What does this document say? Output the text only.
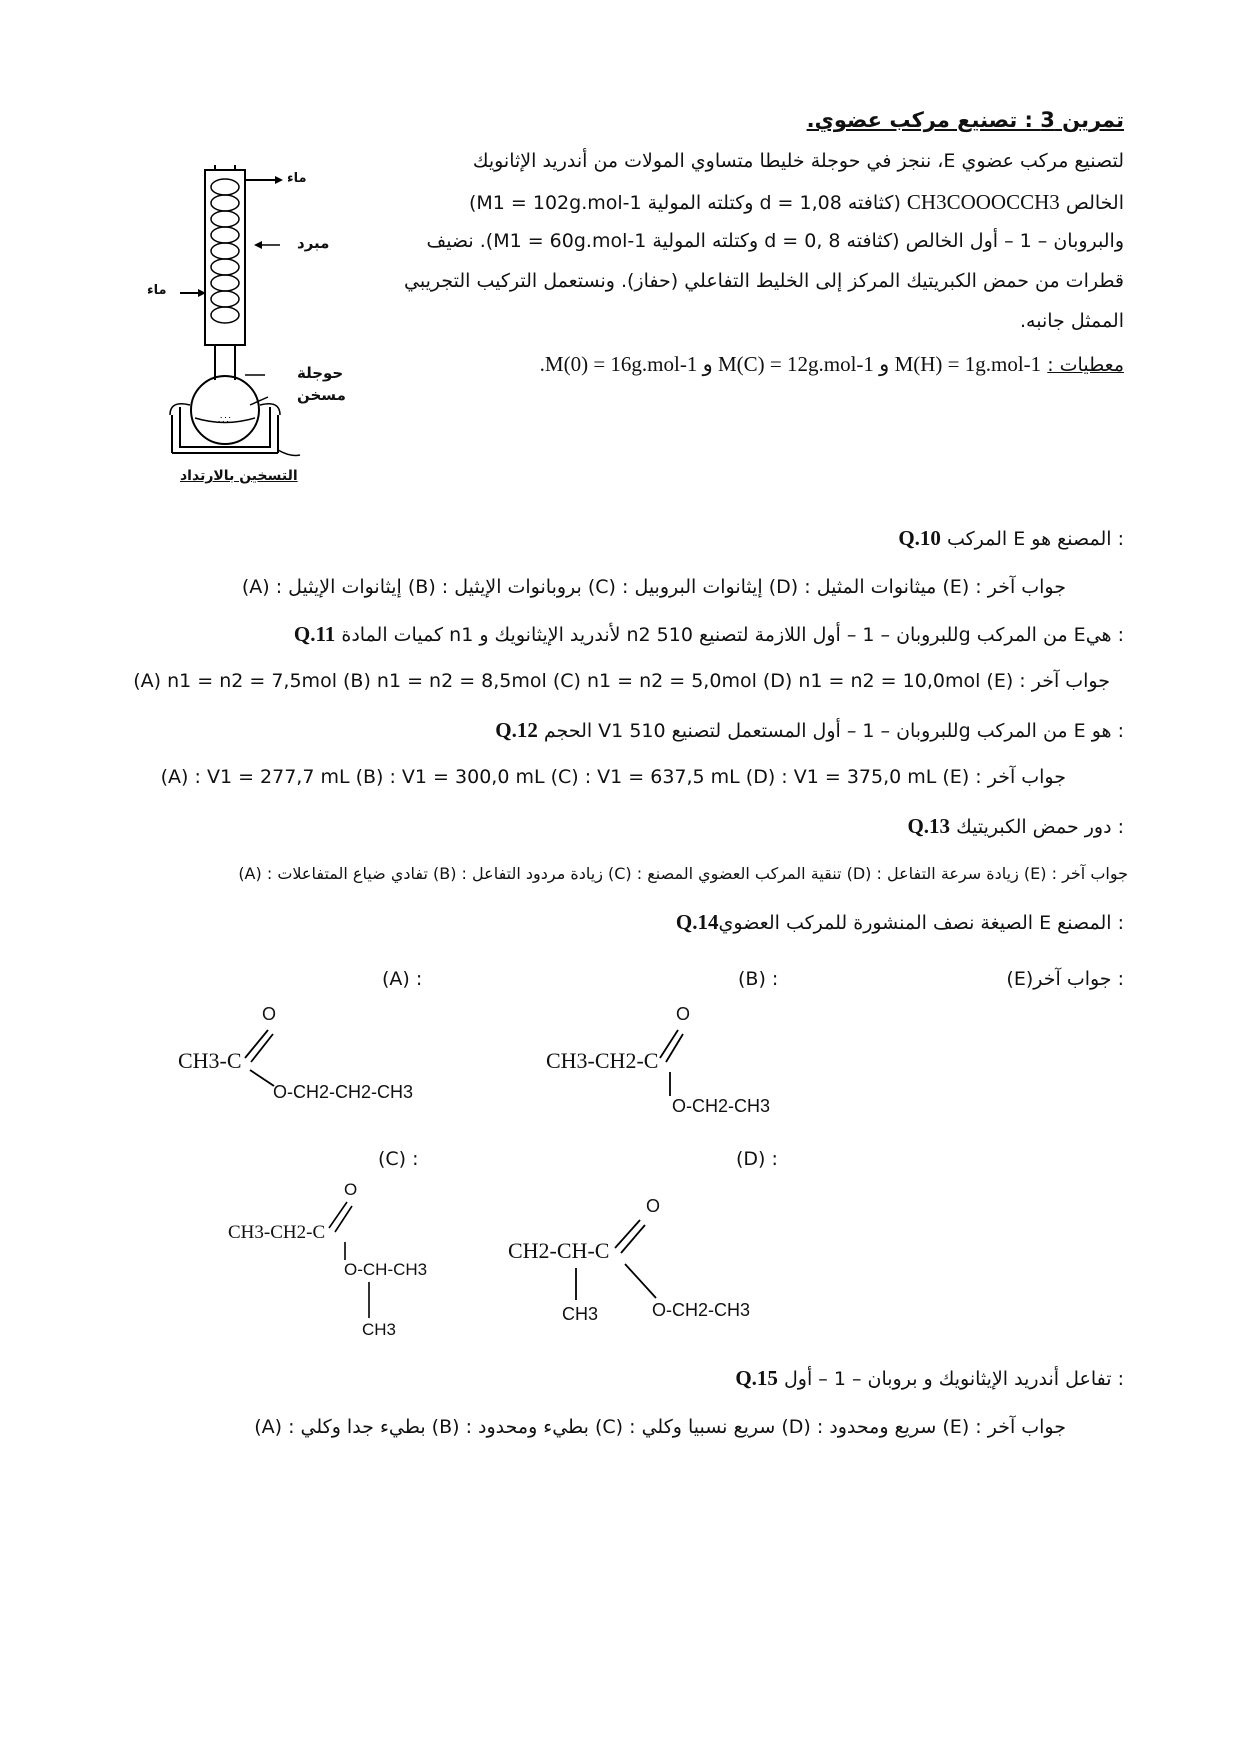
تمرين 3 : تصنيع مركب عضوي.
لتصنيع مركب عضوي E، ننجز في حوجلة خليطا متساوي المولات من أندريد الإثانويك
الخالص CH3COOOCCH3 (كثافته d = 1,08 وكتلته المولية M1 = 102g.mol-1)
والبروبان – 1 – أول الخالص (كثافته d = 0, 8 وكتلته المولية M1 = 60g.mol-1). نضيف
قطرات من حمض الكبريتيك المركز إلى الخليط التفاعلي (حفاز). ونستعمل التركيب التجريبي
الممثل جانبه.
معطيات : M(H) = 1g.mol-1 و M(C) = 12g.mol-1 و M(0) = 16g.mol-1.
∴∵
ماء
مبرد
ماء
حوجلة
مسخن
التسخين بالارتداد
Q.10 المركب E المصنع هو :
(A) : إيثانوات الإيثيل (B) : بروبانوات الإيثيل (C) : إيثانوات البروبيل (D) : ميثانوات المثيل (E) : جواب آخر
Q.11 كميات المادة n1 لأندريد الإيثانويك و n2 للبروبان – 1 – أول اللازمة لتصنيع 510g من المركب Eهي :
(A) n1 = n2 = 7,5mol (B) n1 = n2 = 8,5mol (C) n1 = n2 = 5,0mol (D) n1 = n2 = 10,0mol (E) : جواب آخر
Q.12 الحجم V1 للبروبان – 1 – أول المستعمل لتصنيع 510g من المركب E هو :
(A) : V1 = 277,7 mL (B) : V1 = 300,0 mL (C) : V1 = 637,5 mL (D) : V1 = 375,0 mL (E) : جواب آخر
Q.13 دور حمض الكبريتيك :
(A) : تفادي ضياع المتفاعلات (B) : زيادة مردود التفاعل (C) : تنقية المركب العضوي المصنع (D) : زيادة سرعة التفاعل (E) : جواب آخر
Q.14الصيغة نصف المنشورة للمركب العضوي E المصنع :
(A) :	(B) :	(E)جواب آخر :
(C) :	(D) :
CH3-C
O
O-CH2-CH2-CH3
CH3-CH2-C
O
O-CH2-CH3
CH3-CH2-C
O
O-CH-CH3
CH3
CH2-CH-C
O
O-CH2-CH3
CH3
Q.15 تفاعل أندريد الإيثانويك و بروبان – 1 – أول :
(A) : بطيء جدا وكلي (B) : بطيء ومحدود (C) : سريع نسبيا وكلي (D) : سريع ومحدود (E) : جواب آخر
